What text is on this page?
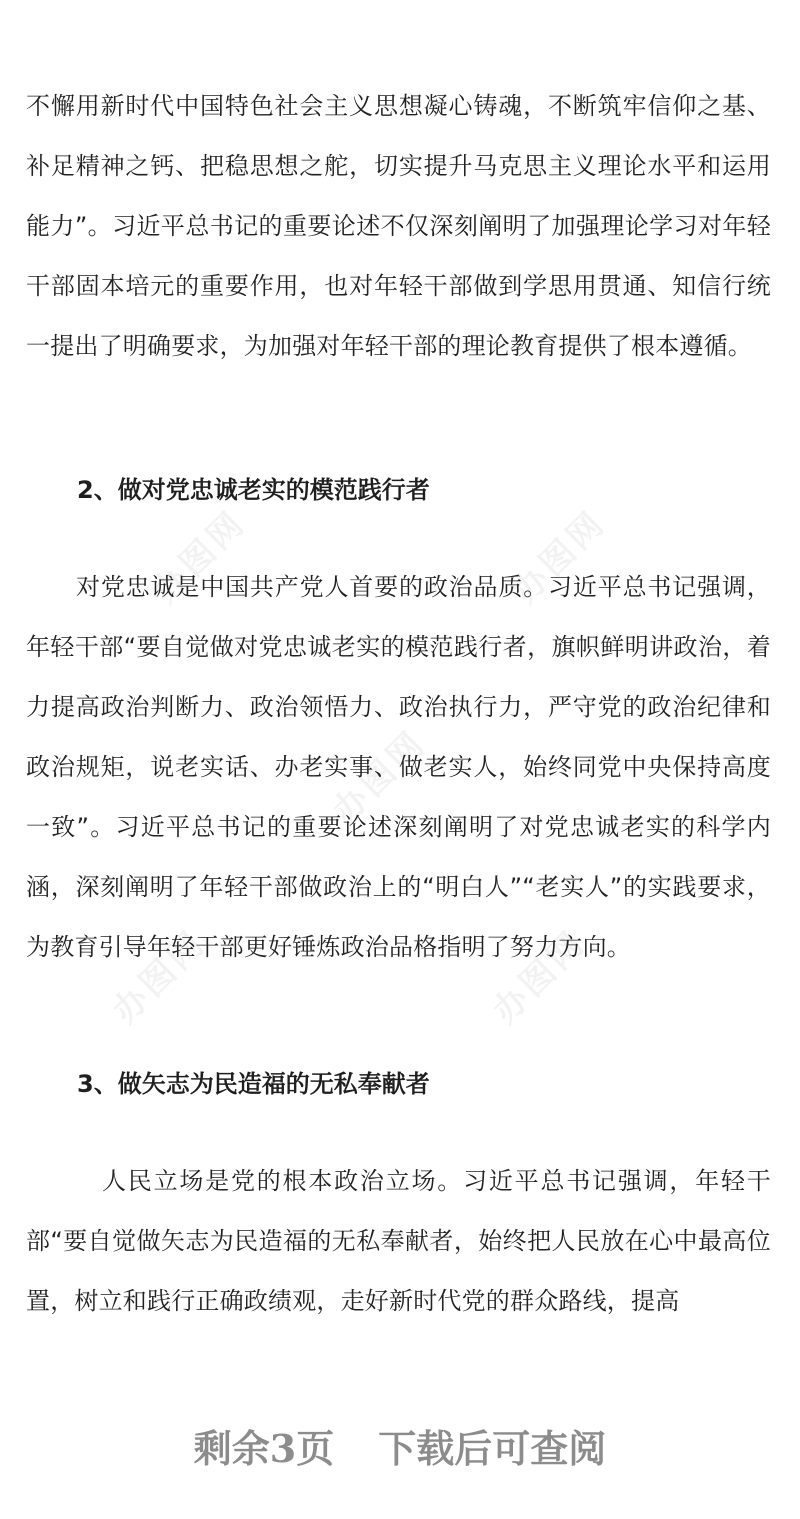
办图网	办图网
办图网
办图网	办图网

不懈用新时代中国特色社会主义思想凝心铸魂，不断筑牢信仰之基、补足精神之钙、把稳思想之舵，切实提升马克思主义理论水平和运用能力”。习近平总书记的重要论述不仅深刻阐明了加强理论学习对年轻干部固本培元的重要作用，也对年轻干部做到学思用贯通、知信行统一提出了明确要求，为加强对年轻干部的理论教育提供了根本遵循。

2、做对党忠诚老实的模范践行者

对党忠诚是中国共产党人首要的政治品质。习近平总书记强调，年轻干部“要自觉做对党忠诚老实的模范践行者，旗帜鲜明讲政治，着力提高政治判断力、政治领悟力、政治执行力，严守党的政治纪律和政治规矩，说老实话、办老实事、做老实人，始终同党中央保持高度一致”。习近平总书记的重要论述深刻阐明了对党忠诚老实的科学内涵，深刻阐明了年轻干部做政治上的“明白人”“老实人”的实践要求，为教育引导年轻干部更好锤炼政治品格指明了努力方向。

3、做矢志为民造福的无私奉献者

人民立场是党的根本政治立场。习近平总书记强调，年轻干部“要自觉做矢志为民造福的无私奉献者，始终把人民放在心中最高位置，树立和践行正确政绩观，走好新时代党的群众路线，提高

剩余3页 下载后可查阅
